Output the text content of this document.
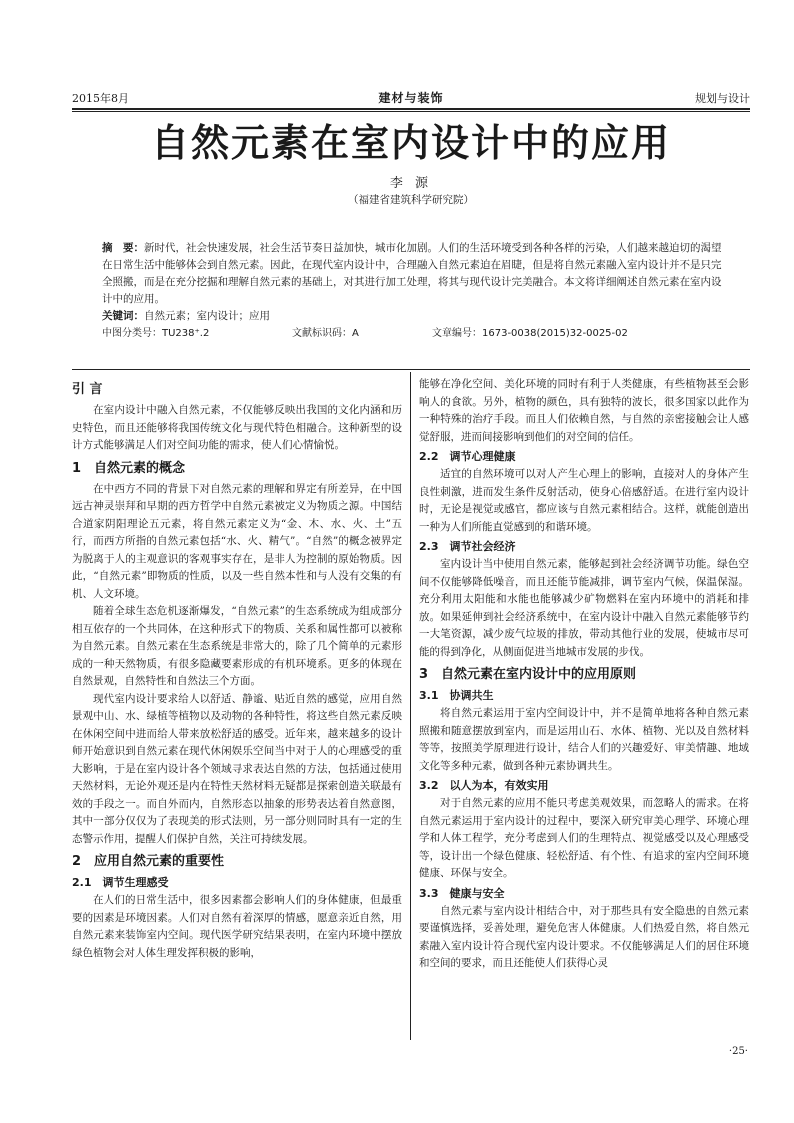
2015年8月	建材与装饰	规划与设计
自然元素在室内设计中的应用
李 源
（福建省建筑科学研究院）

摘　要：新时代，社会快速发展，社会生活节奏日益加快，城市化加剧。人们的生活环境受到各种各样的污染，人们越来越迫切的渴望在日常生活中能够体会到自然元素。因此，在现代室内设计中，合理融入自然元素迫在眉睫，但是将自然元素融入室内设计并不是只完全照搬，而是在充分挖掘和理解自然元素的基础上，对其进行加工处理，将其与现代设计完美融合。本文将详细阐述自然元素在室内设计中的应用。

关键词：自然元素；室内设计；应用

中图分类号：TU238⁺.2	文献标识码：A	文章编号：1673-0038(2015)32-0025-02
引 言

在室内设计中融入自然元素，不仅能够反映出我国的文化内涵和历史特色，而且还能够将我国传统文化与现代特色相融合。这种新型的设计方式能够满足人们对空间功能的需求，使人们心情愉悦。

1　自然元素的概念

在中西方不同的背景下对自然元素的理解和界定有所差异，在中国远古神灵崇拜和早期的西方哲学中自然元素被定义为物质之源。中国结合道家阴阳理论五元素，将自然元素定义为“金、木、水、火、土”五行，而西方所指的自然元素包括“水、火、精气”。“自然”的概念被界定为脱离于人的主观意识的客观事实存在，是非人为控制的原始物质。因此，“自然元素”即物质的性质，以及一些自然本性和与人没有交集的有机、人文环境。

随着全球生态危机逐渐爆发，“自然元素”的生态系统成为组成部分相互依存的一个共同体，在这种形式下的物质、关系和属性都可以被称为自然元素。自然元素在生态系统是非常大的，除了几个简单的元素形成的一种天然物质，有很多隐藏要素形成的有机环境系。更多的体现在自然景观，自然特性和自然法三个方面。

现代室内设计要求给人以舒适、静谧、贴近自然的感觉，应用自然景观中山、水、绿植等植物以及动物的各种特性，将这些自然元素反映在休闲空间中进而给人带来放松舒适的感受。近年来，越来越多的设计师开始意识到自然元素在现代休闲娱乐空间当中对于人的心理感受的重大影响，于是在室内设计各个领域寻求表达自然的方法，包括通过使用天然材料，无论外观还是内在特性天然材料无疑都是探索创造关联最有效的手段之一。而自外而内，自然形态以抽象的形势表达着自然意图，其中一部分仅仅为了表现美的形式法则，另一部分则同时具有一定的生态警示作用，提醒人们保护自然，关注可持续发展。

2　应用自然元素的重要性
2.1　调节生理感受

在人们的日常生活中，很多因素都会影响人们的身体健康，但最重要的因素是环境因素。人们对自然有着深厚的情感，愿意亲近自然，用自然元素来装饰室内空间。现代医学研究结果表明，在室内环境中摆放绿色植物会对人体生理发挥积极的影响，

能够在净化空间、美化环境的同时有利于人类健康，有些植物甚至会影响人的食欲。另外，植物的颜色，具有独特的波长，很多国家以此作为一种特殊的治疗手段。而且人们依赖自然，与自然的亲密接触会让人感觉舒服，进而间接影响到他们的对空间的信任。

2.2　调节心理健康

适宜的自然环境可以对人产生心理上的影响，直接对人的身体产生良性刺激，进而发生条件反射活动，使身心倍感舒适。在进行室内设计时，无论是视觉或感官，都应该与自然元素相结合。这样，就能创造出一种为人们所能直觉感到的和谐环境。

2.3　调节社会经济

室内设计当中使用自然元素，能够起到社会经济调节功能。绿色空间不仅能够降低噪音，而且还能节能减排，调节室内气候，保温保湿。充分利用太阳能和水能也能够减少矿物燃料在室内环境中的消耗和排放。如果延伸到社会经济系统中，在室内设计中融入自然元素能够节约一大笔资源，减少废气垃圾的排放，带动其他行业的发展，使城市尽可能的得到净化，从侧面促进当地城市发展的步伐。

3　自然元素在室内设计中的应用原则
3.1　协调共生

将自然元素运用于室内空间设计中，并不是简单地将各种自然元素照搬和随意摆放到室内，而是运用山石、水体、植物、光以及自然材料等等，按照美学原理进行设计，结合人们的兴趣爱好、审美情趣、地域文化等多种元素，做到各种元素协调共生。

3.2　以人为本，有效实用

对于自然元素的应用不能只考虑美观效果，而忽略人的需求。在将自然元素运用于室内设计的过程中，要深入研究审美心理学、环境心理学和人体工程学，充分考虑到人们的生理特点、视觉感受以及心理感受等，设计出一个绿色健康、轻松舒适、有个性、有追求的室内空间环境健康、环保与安全。

3.3　健康与安全

自然元素与室内设计相结合中，对于那些具有安全隐患的自然元素要谨慎选择，妥善处理，避免危害人体健康。人们热爱自然，将自然元素融入室内设计符合现代室内设计要求。不仅能够满足人们的居住环境和空间的要求，而且还能使人们获得心灵

·25·
